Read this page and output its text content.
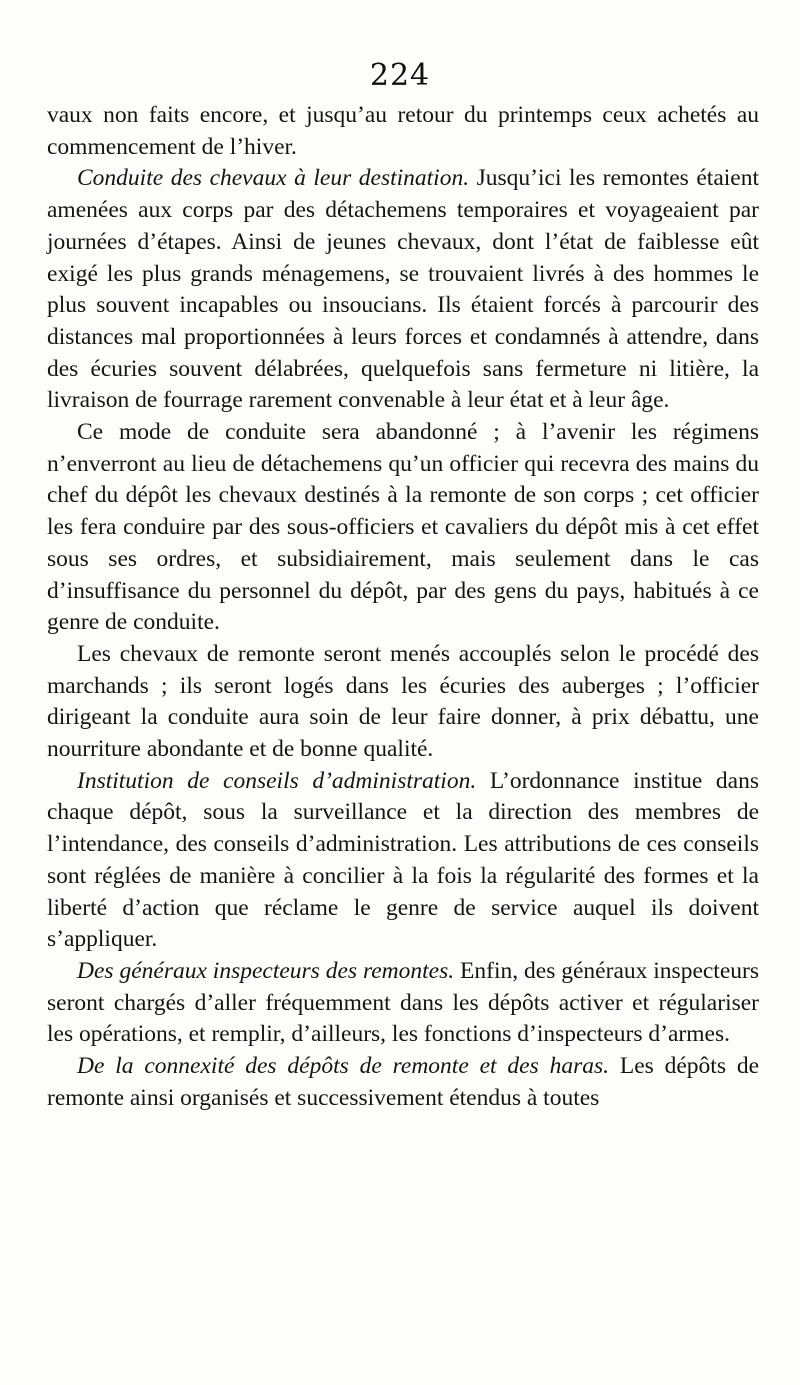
224

vaux non faits encore, et jusqu’au retour du printemps ceux achetés au commencement de l’hiver.

Conduite des chevaux à leur destination. Jusqu’ici les remontes étaient amenées aux corps par des détachemens temporaires et voyageaient par journées d’étapes. Ainsi de jeunes chevaux, dont l’état de faiblesse eût exigé les plus grands ménagemens, se trouvaient livrés à des hommes le plus souvent incapables ou insoucians. Ils étaient forcés à parcourir des distances mal proportionnées à leurs forces et condamnés à attendre, dans des écuries souvent délabrées, quelquefois sans fermeture ni litière, la livraison de fourrage rarement convenable à leur état et à leur âge.

Ce mode de conduite sera abandonné ; à l’avenir les régimens n’enverront au lieu de détachemens qu’un officier qui recevra des mains du chef du dépôt les chevaux destinés à la remonte de son corps ; cet officier les fera conduire par des sous-officiers et cavaliers du dépôt mis à cet effet sous ses ordres, et subsidiairement, mais seulement dans le cas d’insuffisance du personnel du dépôt, par des gens du pays, habitués à ce genre de conduite.

Les chevaux de remonte seront menés accouplés selon le procédé des marchands ; ils seront logés dans les écuries des auberges ; l’officier dirigeant la conduite aura soin de leur faire donner, à prix débattu, une nourriture abondante et de bonne qualité.

Institution de conseils d’administration. L’ordonnance institue dans chaque dépôt, sous la surveillance et la direction des membres de l’intendance, des conseils d’administration. Les attributions de ces conseils sont réglées de manière à concilier à la fois la régularité des formes et la liberté d’action que réclame le genre de service auquel ils doivent s’appliquer.

Des généraux inspecteurs des remontes. Enfin, des généraux inspecteurs seront chargés d’aller fréquemment dans les dépôts activer et régulariser les opérations, et remplir, d’ailleurs, les fonctions d’inspecteurs d’armes.

De la connexité des dépôts de remonte et des haras. Les dépôts de remonte ainsi organisés et successivement étendus à toutes
